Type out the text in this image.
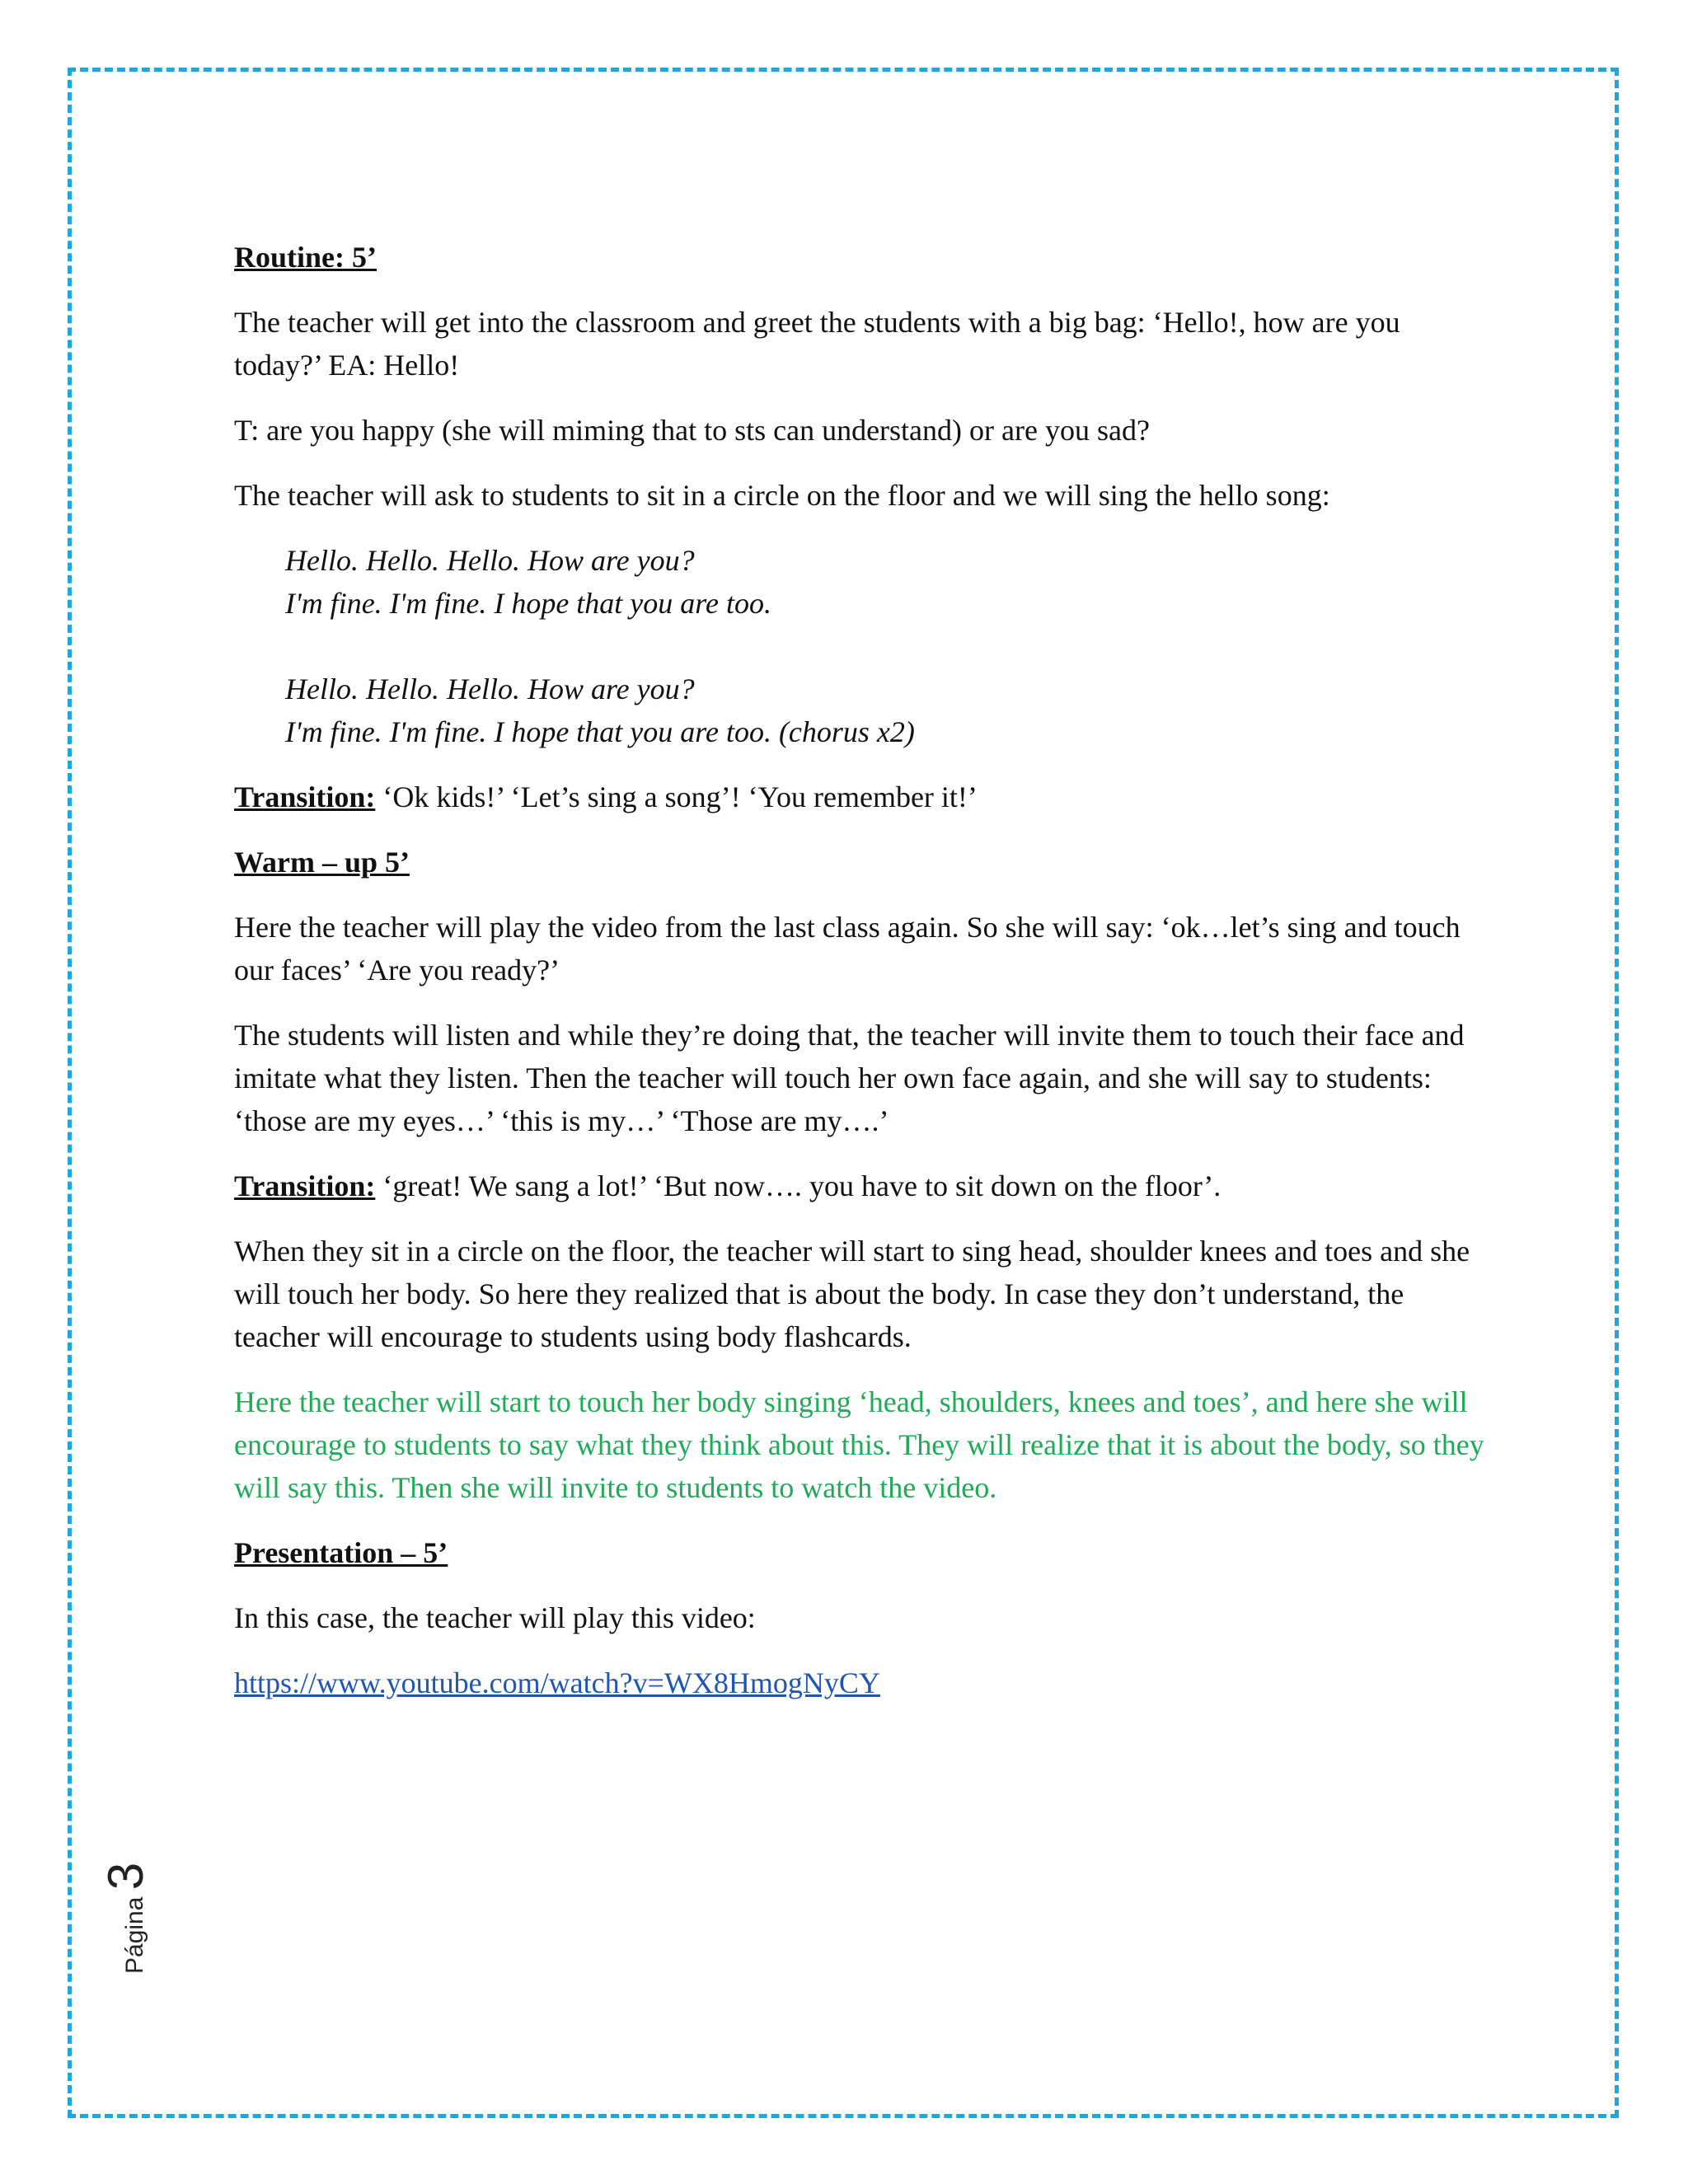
Routine: 5’

The teacher will get into the classroom and greet the students with a big bag: ‘Hello!, how are you today?’ EA: Hello!

T: are you happy (she will miming that to sts can understand) or are you sad?

The teacher will ask to students to sit in a circle on the floor and we will sing the hello song:

Hello. Hello. Hello. How are you?
I'm fine. I'm fine. I hope that you are too.
Hello. Hello. Hello. How are you?
I'm fine. I'm fine. I hope that you are too. (chorus x2)

Transition: ‘Ok kids!’ ‘Let’s sing a song’! ‘You remember it!’

Warm – up 5’

Here the teacher will play the video from the last class again. So she will say: ‘ok…let’s sing and touch our faces’ ‘Are you ready?’

The students will listen and while they’re doing that, the teacher will invite them to touch their face and imitate what they listen. Then the teacher will touch her own face again, and she will say to students: ‘those are my eyes…’ ‘this is my…’ ‘Those are my….’

Transition: ‘great! We sang a lot!’ ‘But now…. you have to sit down on the floor’.

When they sit in a circle on the floor, the teacher will start to sing head, shoulder knees and toes and she will touch her body. So here they realized that is about the body. In case they don’t understand, the teacher will encourage to students using body flashcards.

Here the teacher will start to touch her body singing ‘head, shoulders, knees and toes’, and here she will encourage to students to say what they think about this. They will realize that it is about the body, so they will say this. Then she will invite to students to watch the video.

Presentation – 5’

In this case, the teacher will play this video:

https://www.youtube.com/watch?v=WX8HmogNyCY

Página 3
